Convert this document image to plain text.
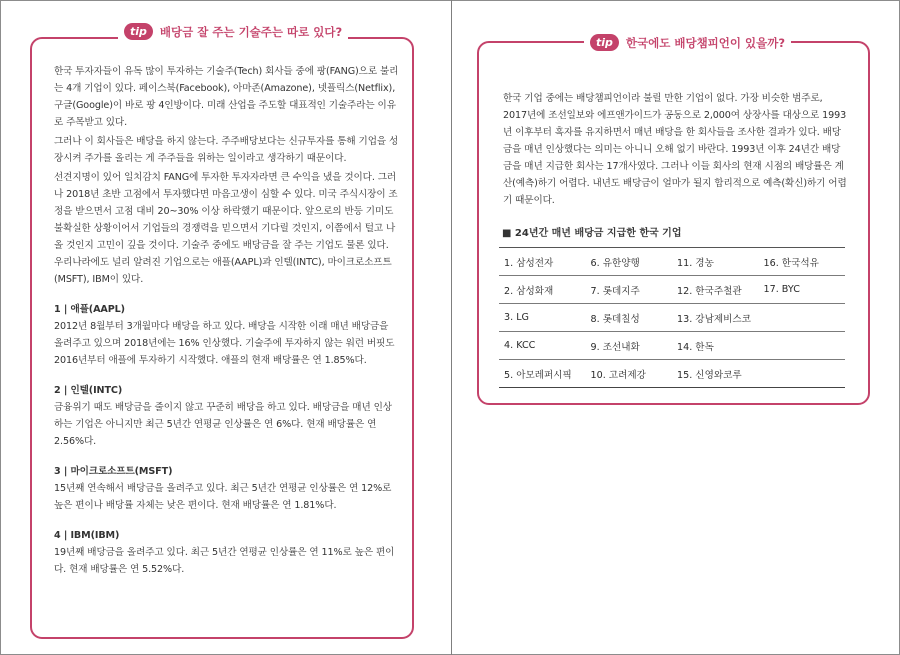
tip	배당금 잘 주는 기술주는 따로 있다?

한국 투자자들이 유독 많이 투자하는 기술주(Tech) 회사들 중에 팡(FANG)으로 불리는 4개 기업이 있다. 페이스북(Facebook), 아마존(Amazone), 넷플릭스(Netflix), 구글(Google)이 바로 팡 4인방이다. 미래 산업을 주도할 대표적인 기술주라는 이유로 주목받고 있다.

그러나 이 회사들은 배당을 하지 않는다. 주주배당보다는 신규투자를 통해 기업을 성장시켜 주가를 올리는 게 주주들을 위하는 일이라고 생각하기 때문이다.

선견지명이 있어 일치감치 FANG에 투자한 투자자라면 큰 수익을 냈을 것이다. 그러나 2018년 초반 고점에서 투자했다면 마음고생이 심할 수 있다. 미국 주식시장이 조정을 받으면서 고점 대비 20~30% 이상 하락했기 때문이다. 앞으로의 반등 기미도 불확실한 상황이어서 기업들의 경쟁력을 믿으면서 기다릴 것인지, 이쯤에서 털고 나올 것인지 고민이 깊을 것이다. 기술주 중에도 배당금을 잘 주는 기업도 물론 있다. 우리나라에도 널리 알려진 기업으로는 애플(AAPL)과 인텔(INTC), 마이크로소프트(MSFT), IBM이 있다.

1 | 애플(AAPL)

2012년 8월부터 3개월마다 배당을 하고 있다. 배당을 시작한 이래 매년 배당금을 올려주고 있으며 2018년에는 16% 인상했다. 기술주에 투자하지 않는 워런 버핏도 2016년부터 애플에 투자하기 시작했다. 애플의 현재 배당률은 연 1.85%다.

2 | 인텔(INTC)

금융위기 때도 배당금을 줄이지 않고 꾸준히 배당을 하고 있다. 배당금을 매년 인상하는 기업은 아니지만 최근 5년간 연평균 인상률은 연 6%다. 현재 배당률은 연 2.56%다.

3 | 마이크로소프트(MSFT)

15년째 연속해서 배당금을 올려주고 있다. 최근 5년간 연평균 인상률은 연 12%로 높은 편이나 배당률 자체는 낮은 편이다. 현재 배당률은 연 1.81%다.

4 | IBM(IBM)

19년째 배당금을 올려주고 있다. 최근 5년간 연평균 인상률은 연 11%로 높은 편이다. 현재 배당률은 연 5.52%다.

tip	한국에도 배당챔피언이 있을까?

한국 기업 중에는 배당챔피언이라 불릴 만한 기업이 없다. 가장 비슷한 범주로, 2017년에 조선일보와 에프앤가이드가 공동으로 2,000여 상장사를 대상으로 1993년 이후부터 흑자를 유지하면서 매년 배당을 한 회사들을 조사한 결과가 있다. 배당금을 매년 인상했다는 의미는 아니니 오해 없기 바란다. 1993년 이후 24년간 배당금을 매년 지급한 회사는 17개사였다. 그러나 이들 회사의 현재 시점의 배당률은 계산(예측)하기 어렵다. 내년도 배당금이 얼마가 될지 합리적으로 예측(확신)하기 어렵기 때문이다.

■ 24년간 매년 배당금 지급한 한국 기업
1. 삼성전자	6. 유한양행	11. 경농	16. 한국석유
2. 삼성화재	7. 롯데지주	12. 한국주철관	17. BYC
3. LG	8. 롯데칠성	13. 강남제비스코
4. KCC	9. 조선내화	14. 한독
5. 아모레퍼시픽	10. 고려제강	15. 신영와코루
